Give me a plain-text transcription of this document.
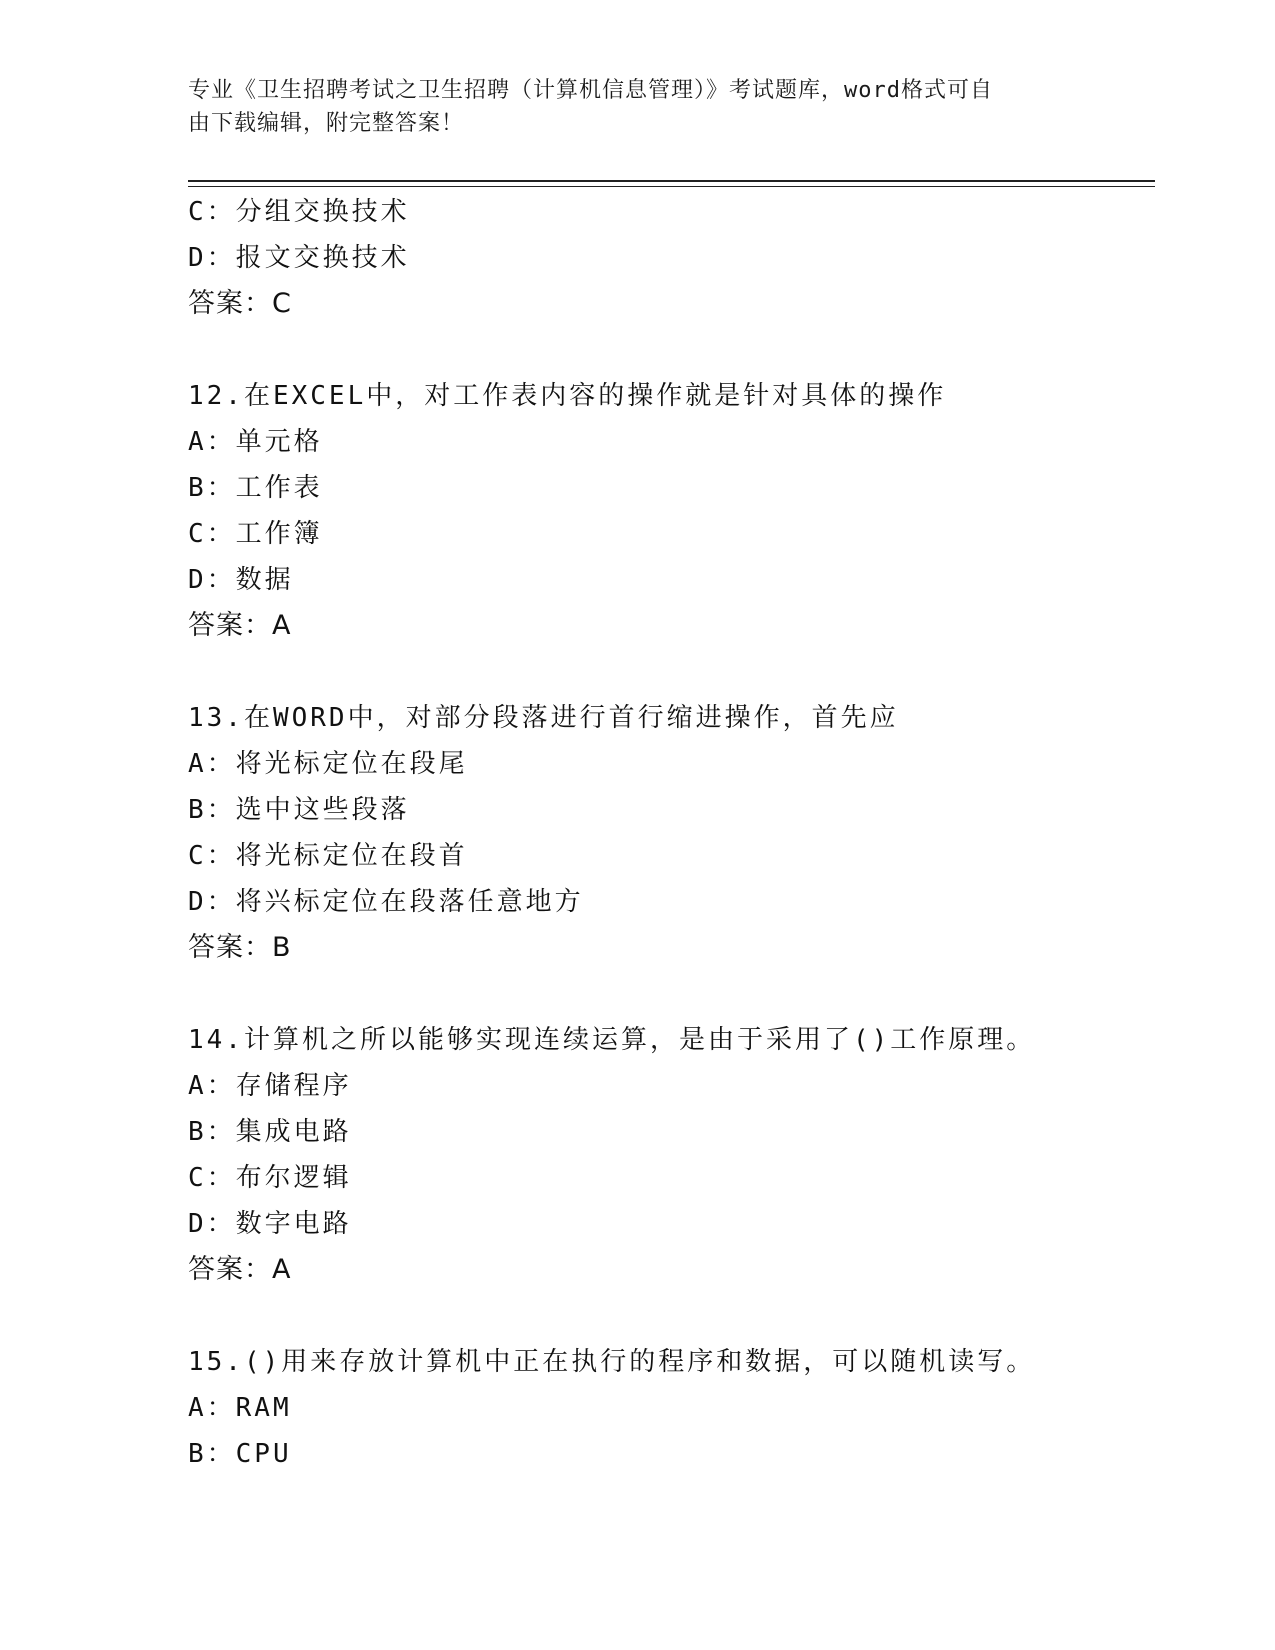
专业《卫生招聘考试之卫生招聘（计算机信息管理）》考试题库，word格式可自
由下载编辑，附完整答案！
C：分组交换技术
D：报文交换技术
答案：C
12.在EXCEL中，对工作表内容的操作就是针对具体的操作
A：单元格
B：工作表
C：工作簿
D：数据
答案：A
13.在WORD中，对部分段落进行首行缩进操作，首先应
A：将光标定位在段尾
B：选中这些段落
C：将光标定位在段首
D：将兴标定位在段落任意地方
答案：B
14.计算机之所以能够实现连续运算，是由于采用了()工作原理。
A：存储程序
B：集成电路
C：布尔逻辑
D：数字电路
答案：A
15.()用来存放计算机中正在执行的程序和数据，可以随机读写。
A：RAM
B：CPU
